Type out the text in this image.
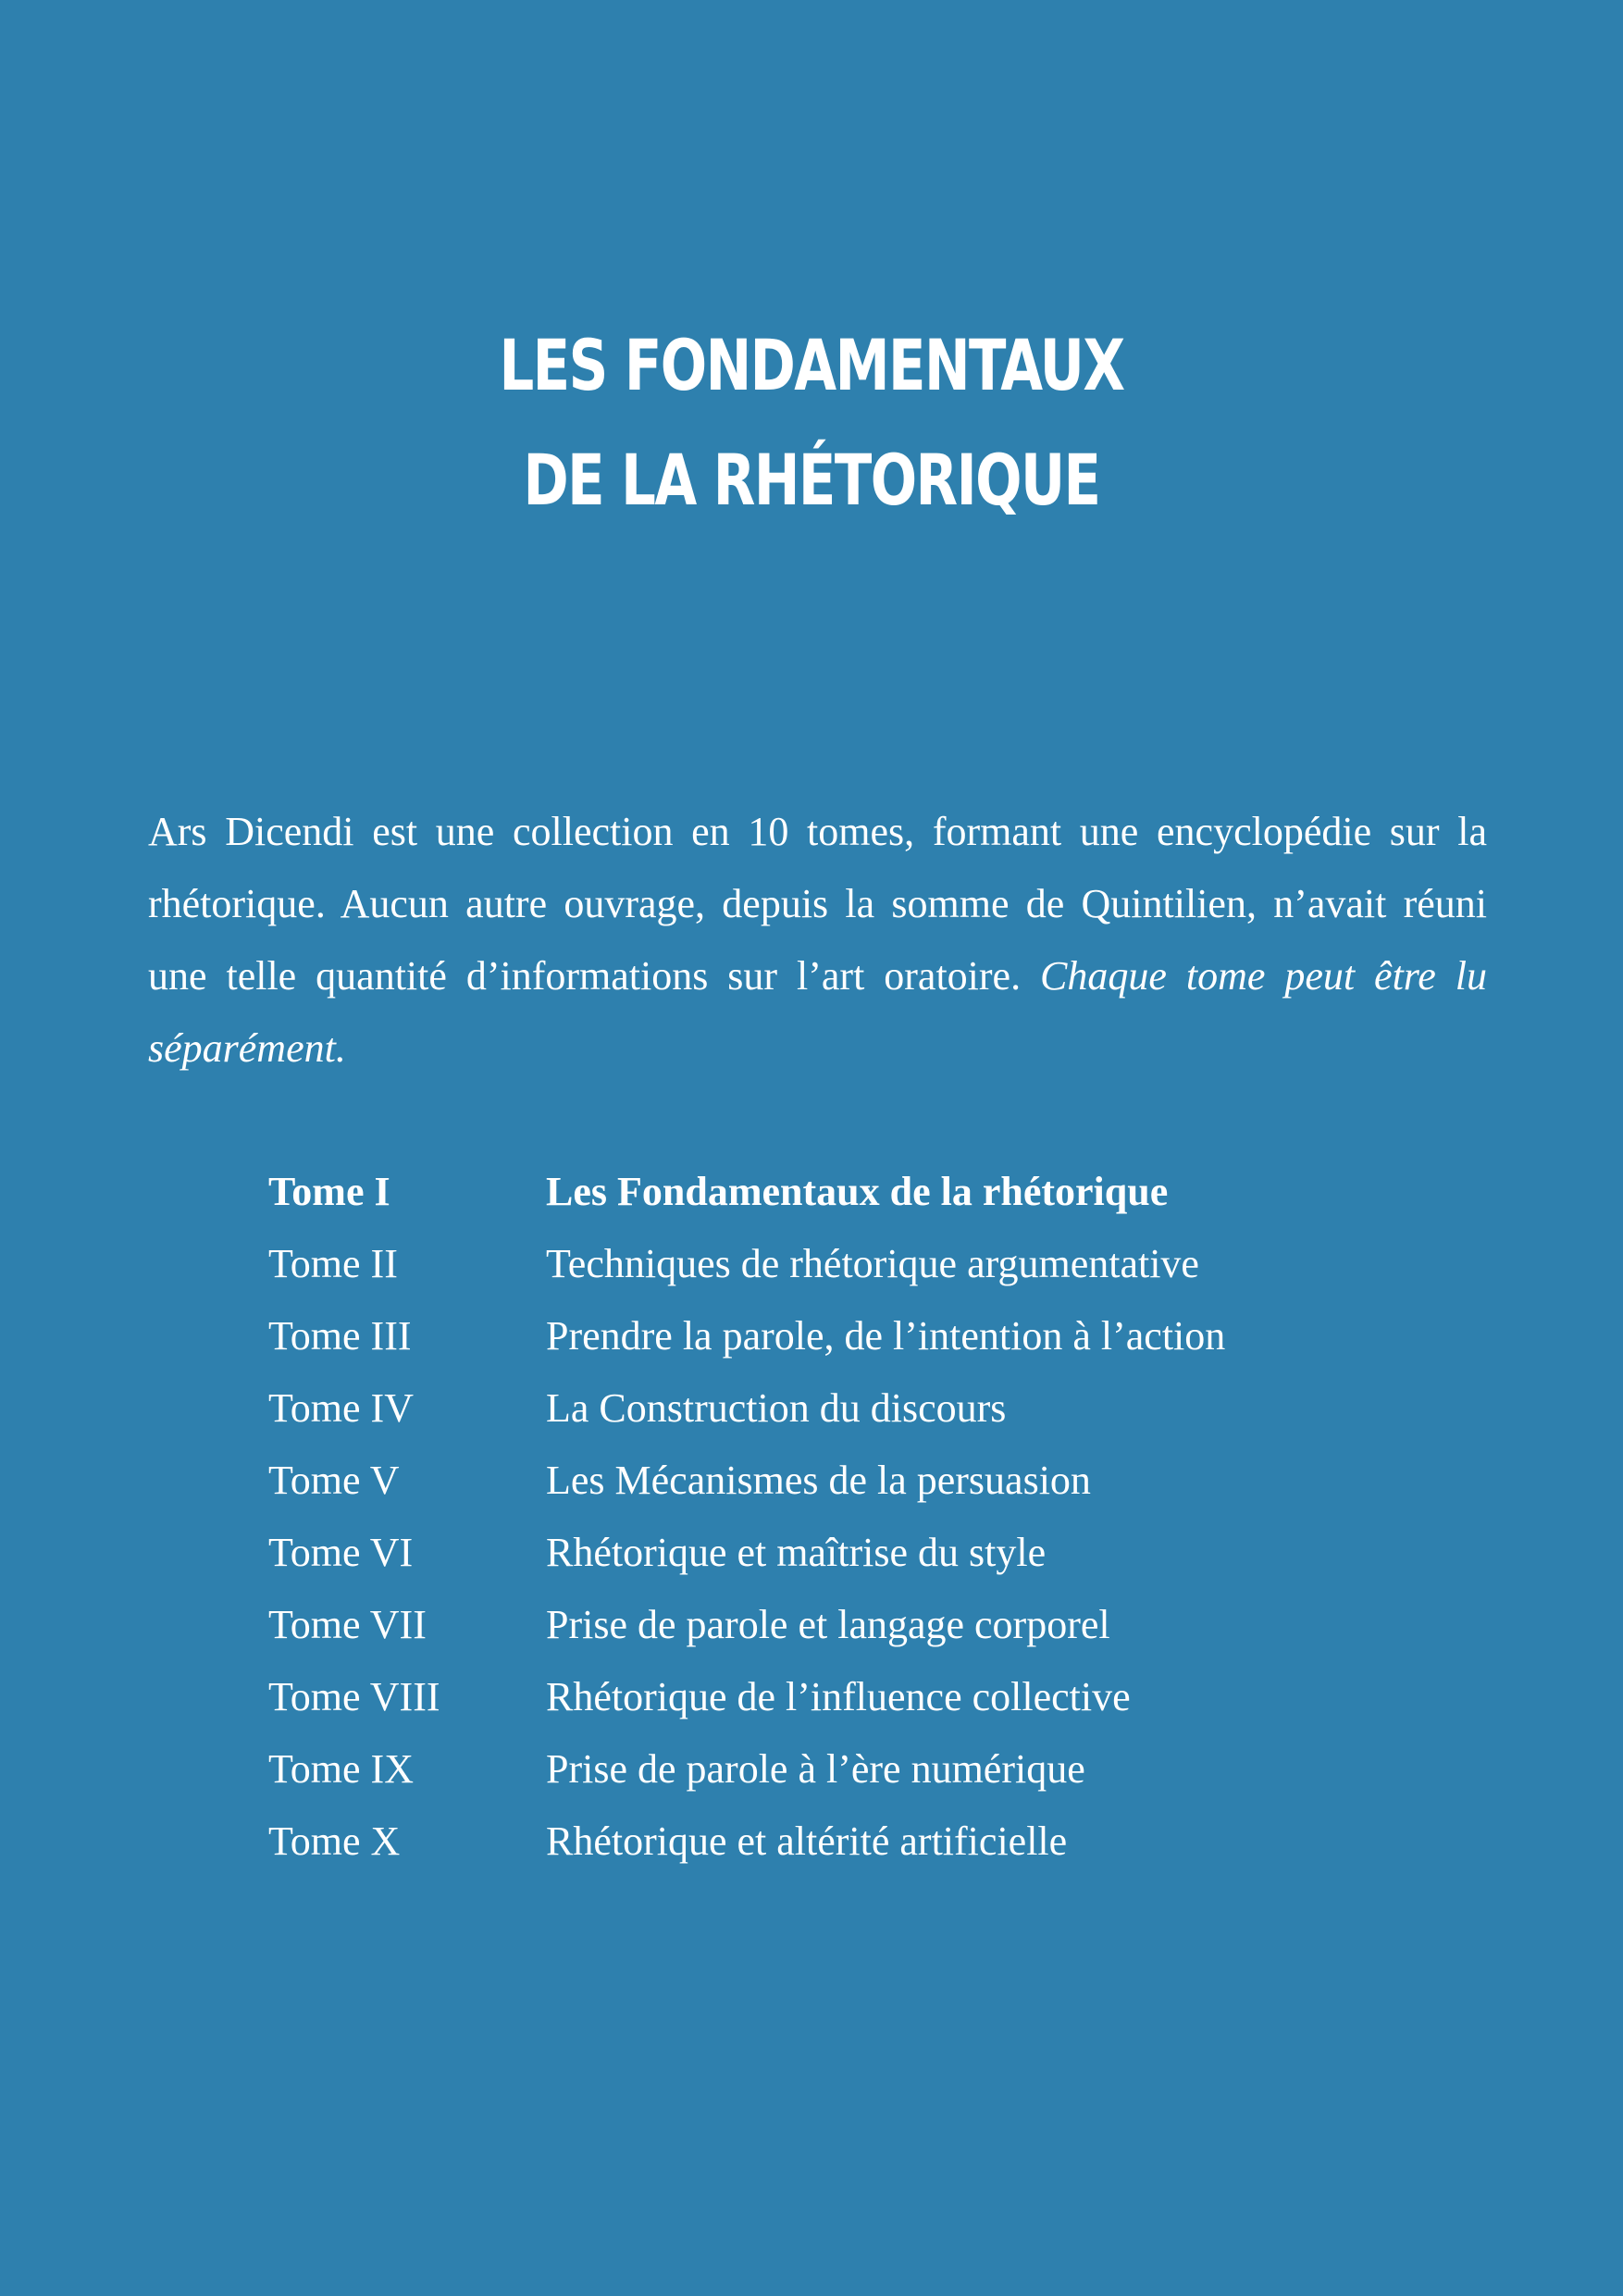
LES FONDAMENTAUX
DE LA RHÉTORIQUE

Ars Dicendi est une collection en 10 tomes, formant une encyclopédie sur la rhétorique. Aucun autre ouvrage, depuis la somme de Quintilien, n’avait réuni une telle quantité d’informations sur l’art oratoire. Chaque tome peut être lu séparément.

Tome I	Les Fondamentaux de la rhétorique
Tome II	Techniques de rhétorique argumentative
Tome III	Prendre la parole, de l’intention à l’action
Tome IV	La Construction du discours
Tome V	Les Mécanismes de la persuasion
Tome VI	Rhétorique et maîtrise du style
Tome VII	Prise de parole et langage corporel
Tome VIII	Rhétorique de l’influence collective
Tome IX	Prise de parole à l’ère numérique
Tome X	Rhétorique et altérité artificielle
